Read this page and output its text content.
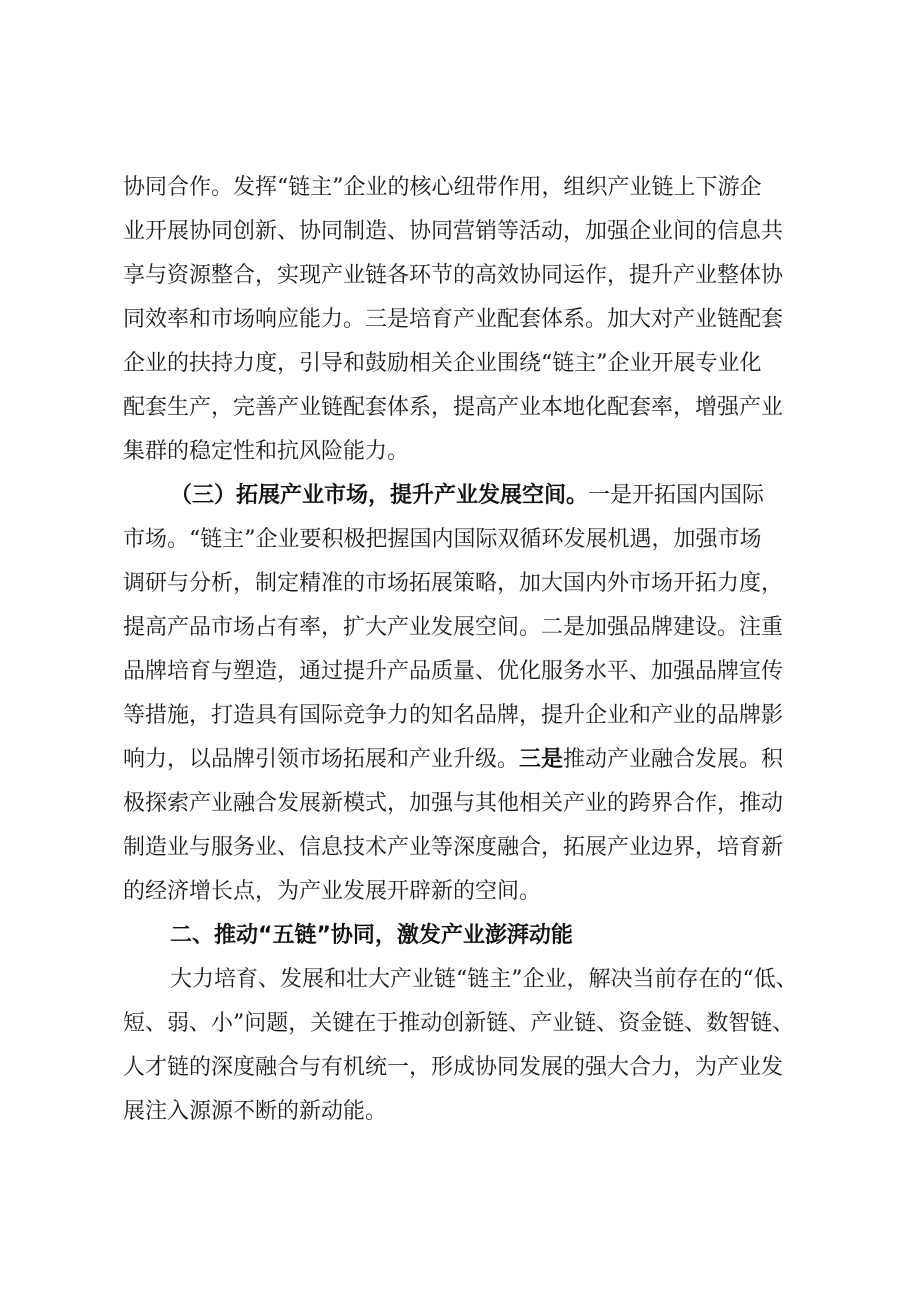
协同合作。发挥“链主”企业的核心纽带作用，组织产业链上下游企

业开展协同创新、协同制造、协同营销等活动，加强企业间的信息共

享与资源整合，实现产业链各环节的高效协同运作，提升产业整体协

同效率和市场响应能力。三是培育产业配套体系。加大对产业链配套

企业的扶持力度，引导和鼓励相关企业围绕“链主”企业开展专业化

配套生产，完善产业链配套体系，提高产业本地化配套率，增强产业

集群的稳定性和抗风险能力。

（三）拓展产业市场，提升产业发展空间。一是开拓国内国际

市场。“链主”企业要积极把握国内国际双循环发展机遇，加强市场

调研与分析，制定精准的市场拓展策略，加大国内外市场开拓力度，

提高产品市场占有率，扩大产业发展空间。二是加强品牌建设。注重

品牌培育与塑造，通过提升产品质量、优化服务水平、加强品牌宣传

等措施，打造具有国际竞争力的知名品牌，提升企业和产业的品牌影

响力，以品牌引领市场拓展和产业升级。三是推动产业融合发展。积

极探索产业融合发展新模式，加强与其他相关产业的跨界合作，推动

制造业与服务业、信息技术产业等深度融合，拓展产业边界，培育新

的经济增长点，为产业发展开辟新的空间。

二、推动“五链”协同，激发产业澎湃动能

大力培育、发展和壮大产业链“链主”企业，解决当前存在的“低、

短、弱、小”问题，关键在于推动创新链、产业链、资金链、数智链、

人才链的深度融合与有机统一，形成协同发展的强大合力，为产业发

展注入源源不断的新动能。
